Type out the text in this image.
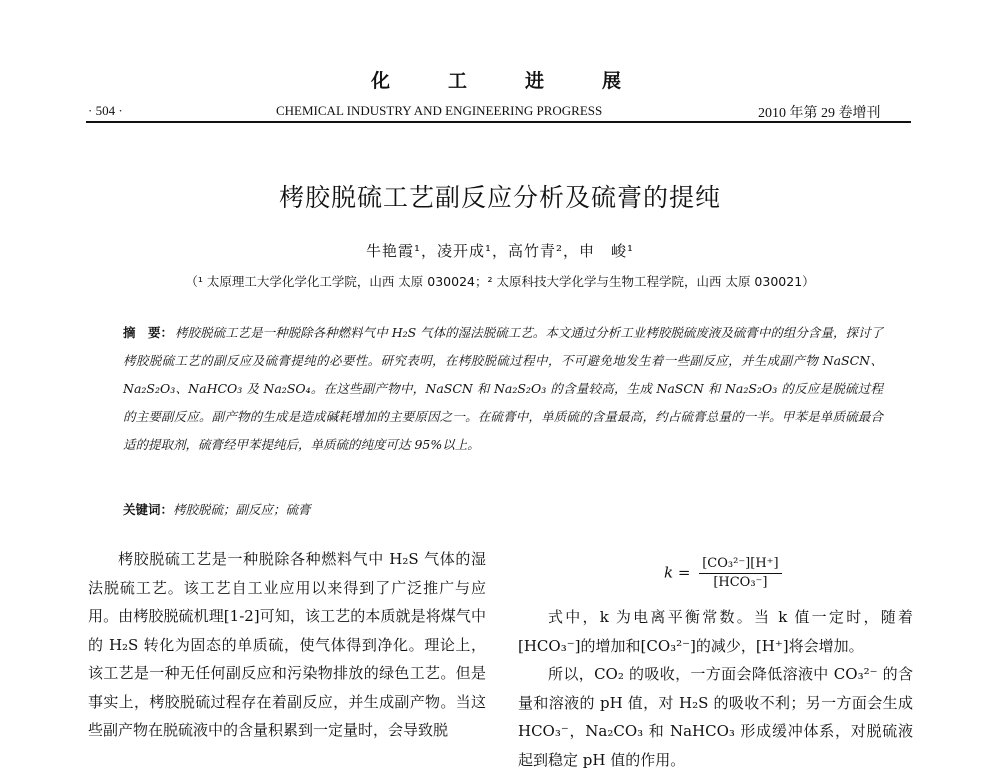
化工进展
· 504 ·	CHEMICAL INDUSTRY AND ENGINEERING PROGRESS	2010 年第 29 卷增刊
栲胶脱硫工艺副反应分析及硫膏的提纯
牛艳霞¹，凌开成¹，高竹青²，申　峻¹
（¹ 太原理工大学化学化工学院，山西 太原 030024；² 太原科技大学化学与生物工程学院，山西 太原 030021）
摘　要： 栲胶脱硫工艺是一种脱除各种燃料气中 H₂S 气体的湿法脱硫工艺。本文通过分析工业栲胶脱硫废液及硫膏中的组分含量，探讨了栲胶脱硫工艺的副反应及硫膏提纯的必要性。研究表明，在栲胶脱硫过程中，不可避免地发生着一些副反应，并生成副产物 NaSCN、Na₂S₂O₃、NaHCO₃ 及 Na₂SO₄。在这些副产物中，NaSCN 和 Na₂S₂O₃ 的含量较高，生成 NaSCN 和 Na₂S₂O₃ 的反应是脱硫过程的主要副反应。副产物的生成是造成碱耗增加的主要原因之一。在硫膏中，单质硫的含量最高，约占硫膏总量的一半。甲苯是单质硫最合适的提取剂，硫膏经甲苯提纯后，单质硫的纯度可达 95%以上。
关键词：栲胶脱硫；副反应；硫膏

栲胶脱硫工艺是一种脱除各种燃料气中 H₂S 气体的湿法脱硫工艺。该工艺自工业应用以来得到了广泛推广与应用。由栲胶脱硫机理[1-2]可知，该工艺的本质就是将煤气中的 H₂S 转化为固态的单质硫，使气体得到净化。理论上，该工艺是一种无任何副反应和污染物排放的绿色工艺。但是事实上，栲胶脱硫过程存在着副反应，并生成副产物。当这些副产物在脱硫液中的含量积累到一定量时，会导致脱

$k = \frac{\text{[CO₃²⁻][H⁺]}}{\text{[HCO₃⁻]}}$

式中，k 为电离平衡常数。当 k 值一定时，随着[HCO₃⁻]的增加和[CO₃²⁻]的减少，[H⁺]将会增加。

所以，CO₂ 的吸收，一方面会降低溶液中 CO₃²⁻ 的含量和溶液的 pH 值，对 H₂S 的吸收不利；另一方面会生成 HCO₃⁻，Na₂CO₃ 和 NaHCO₃ 形成缓冲体系，对脱硫液起到稳定 pH 值的作用。
